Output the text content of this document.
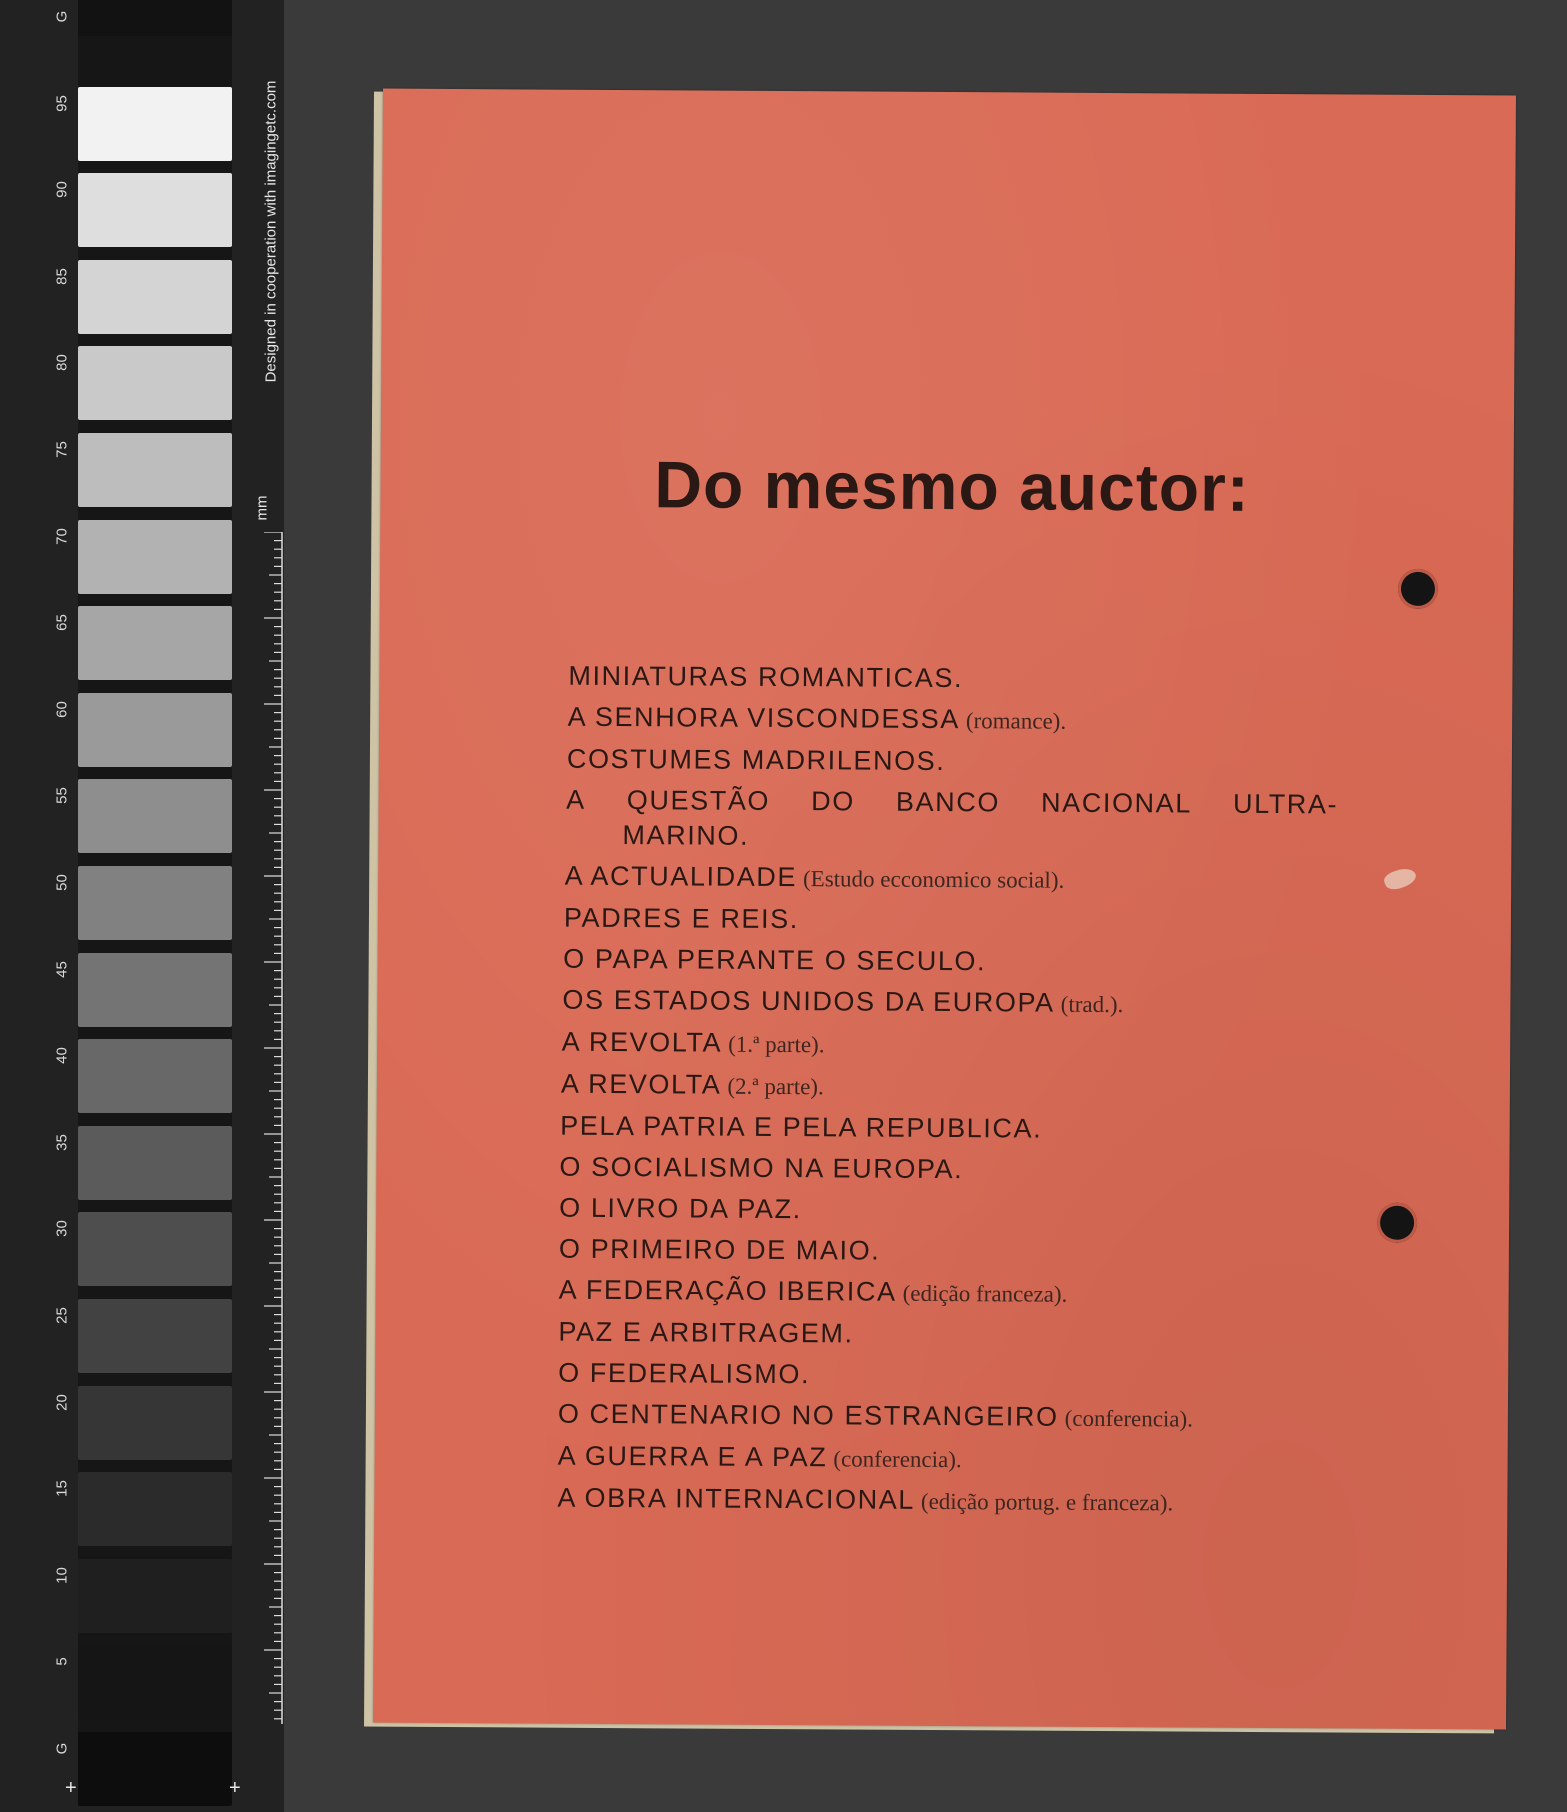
Designed in cooperation with imagingetc.com
mm
+	+
G
95
90
85
80
75
70
65
60
55
50
45
40
35
30
25
20
15
10
5
G
Do mesmo auctor:
MINIATURAS ROMANTICAS.
A SENHORA VISCONDESSA (romance).
COSTUMES MADRILENOS.
A QUESTÃO DO BANCO NACIONAL ULTRA-
MARINO.
A ACTUALIDADE (Estudo ecconomico social).
PADRES E REIS.
O PAPA PERANTE O SECULO.
OS ESTADOS UNIDOS DA EUROPA (trad.).
A REVOLTA (1.ª parte).
A REVOLTA (2.ª parte).
PELA PATRIA E PELA REPUBLICA.
O SOCIALISMO NA EUROPA.
O LIVRO DA PAZ.
O PRIMEIRO DE MAIO.
A FEDERAÇÃO IBERICA (edição franceza).
PAZ E ARBITRAGEM.
O FEDERALISMO.
O CENTENARIO NO ESTRANGEIRO (conferencia).
A GUERRA E A PAZ (conferencia).
A OBRA INTERNACIONAL (edição portug. e franceza).
